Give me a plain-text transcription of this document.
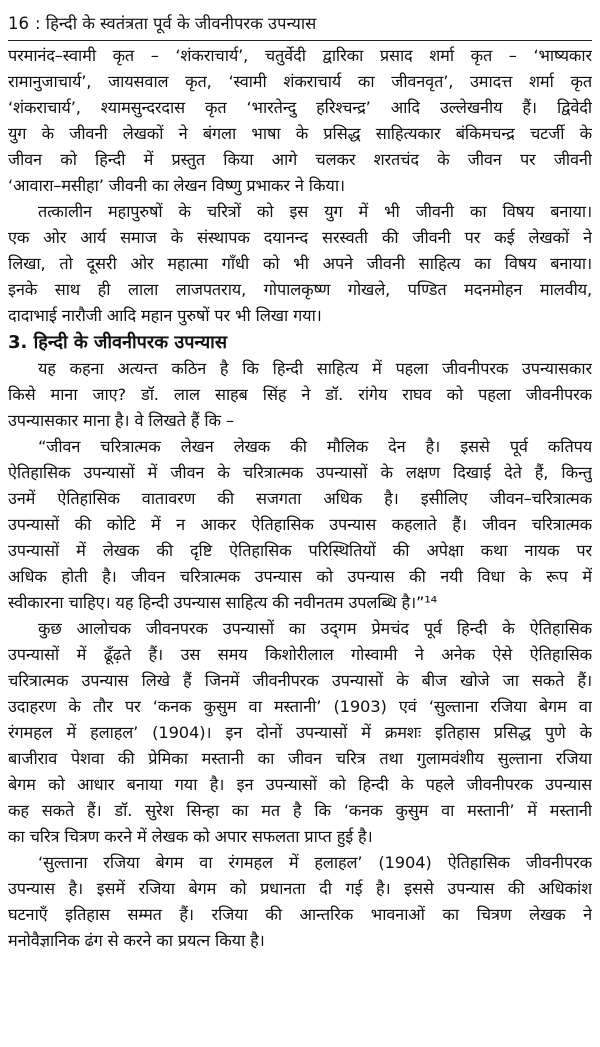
16 : हिन्दी के स्वतंत्रता पूर्व के जीवनीपरक उपन्यास
परमानंद–स्वामी कृत – ‘शंकराचार्य’, चतुर्वेदी द्वारिका प्रसाद शर्मा कृत – ‘भाष्यकार
रामानुजाचार्य’, जायसवाल कृत, ‘स्वामी शंकराचार्य का जीवनवृत’, उमादत्त शर्मा कृत
‘शंकराचार्य’, श्यामसुन्दरदास कृत ‘भारतेन्दु हरिश्चन्द्र’ आदि उल्लेखनीय हैं। द्विवेदी
युग के जीवनी लेखकों ने बंगला भाषा के प्रसिद्ध साहित्यकार बंकिमचन्द्र चटर्जी के
जीवन को हिन्दी में प्रस्तुत किया आगे चलकर शरतचंद के जीवन पर जीवनी
‘आवारा–मसीहा’ जीवनी का लेखन विष्णु प्रभाकर ने किया।
तत्कालीन महापुरुषों के चरित्रों को इस युग में भी जीवनी का विषय बनाया।
एक ओर आर्य समाज के संस्थापक दयानन्द सरस्वती की जीवनी पर कई लेखकों ने
लिखा, तो दूसरी ओर महात्मा गाँधी को भी अपने जीवनी साहित्य का विषय बनाया।
इनके साथ ही लाला लाजपतराय, गोपालकृष्ण गोखले, पण्डित मदनमोहन मालवीय,
दादाभाई नारौजी आदि महान पुरुषों पर भी लिखा गया।
3. हिन्दी के जीवनीपरक उपन्यास
यह कहना अत्यन्त कठिन है कि हिन्दी साहित्य में पहला जीवनीपरक उपन्यासकार
किसे माना जाए? डॉ. लाल साहब सिंह ने डॉ. रांगेय राघव को पहला जीवनीपरक
उपन्यासकार माना है। वे लिखते हैं कि –
“जीवन चरित्रात्मक लेखन लेखक की मौलिक देन है। इससे पूर्व कतिपय
ऐतिहासिक उपन्यासों में जीवन के चरित्रात्मक उपन्यासों के लक्षण दिखाई देते हैं, किन्तु
उनमें ऐतिहासिक वातावरण की सजगता अधिक है। इसीलिए जीवन–चरित्रात्मक
उपन्यासों की कोटि में न आकर ऐतिहासिक उपन्यास कहलाते हैं। जीवन चरित्रात्मक
उपन्यासों में लेखक की दृष्टि ऐतिहासिक परिस्थितियों की अपेक्षा कथा नायक पर
अधिक होती है। जीवन चरित्रात्मक उपन्यास को उपन्यास की नयी विधा के रूप में
स्वीकारना चाहिए। यह हिन्दी उपन्यास साहित्य की नवीनतम उपलब्धि है।”¹⁴
कुछ आलोचक जीवनपरक उपन्यासों का उद्‌गम प्रेमचंद पूर्व हिन्दी के ऐतिहासिक
उपन्यासों में ढूँढ़ते हैं। उस समय किशोरीलाल गोस्वामी ने अनेक ऐसे ऐतिहासिक
चरित्रात्मक उपन्यास लिखे हैं जिनमें जीवनीपरक उपन्यासों के बीज खोजे जा सकते हैं।
उदाहरण के तौर पर ‘कनक कुसुम वा मस्तानी’ (1903) एवं ‘सुल्ताना रजिया बेगम वा
रंगमहल में हलाहल’ (1904)। इन दोनों उपन्यासों में क्रमशः इतिहास प्रसिद्ध पुणे के
बाजीराव पेशवा की प्रेमिका मस्तानी का जीवन चरित्र तथा गुलामवंशीय सुल्ताना रजिया
बेगम को आधार बनाया गया है। इन उपन्यासों को हिन्दी के पहले जीवनीपरक उपन्यास
कह सकते हैं। डॉ. सुरेश सिन्हा का मत है कि ‘कनक कुसुम वा मस्तानी’ में मस्तानी
का चरित्र चित्रण करने में लेखक को अपार सफलता प्राप्त हुई है।
‘सुल्ताना रजिया बेगम वा रंगमहल में हलाहल’ (1904) ऐतिहासिक जीवनीपरक
उपन्यास है। इसमें रजिया बेगम को प्रधानता दी गई है। इससे उपन्यास की अधिकांश
घटनाएँ इतिहास सम्मत हैं। रजिया की आन्तरिक भावनाओं का चित्रण लेखक ने
मनोवैज्ञानिक ढंग से करने का प्रयत्न किया है।
